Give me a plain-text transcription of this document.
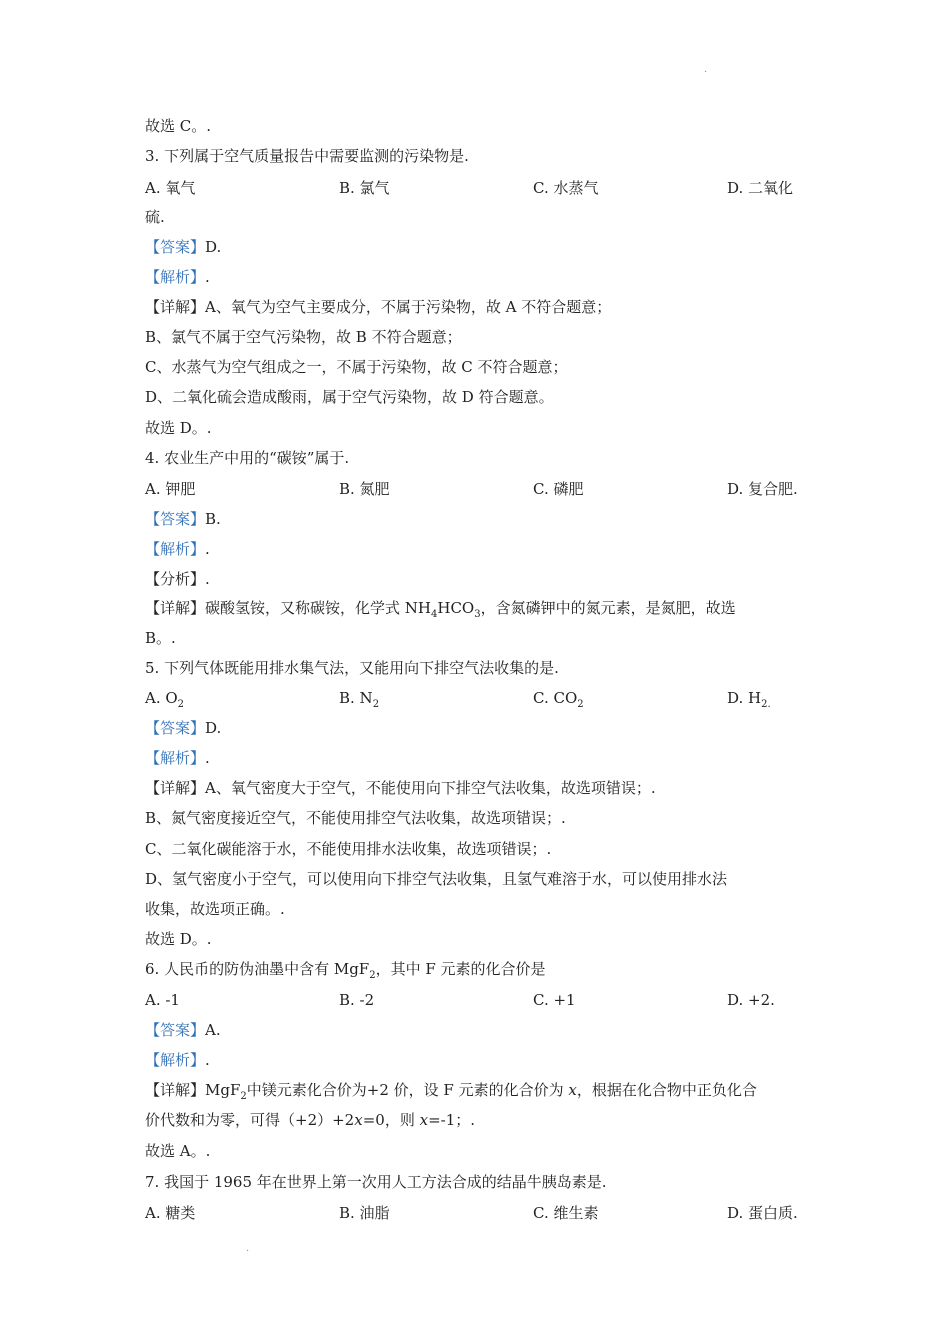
.
故选 C。.
3. 下列属于空气质量报告中需要监测的污染物是.
A. 氧气	B. 氯气	C. 水蒸气	D. 二氧化
硫.
【答案】D.
【解析】.
【详解】A、氧气为空气主要成分，不属于污染物，故 A 不符合题意；
B、氯气不属于空气污染物，故 B 不符合题意；
C、水蒸气为空气组成之一，不属于污染物，故 C 不符合题意；
D、二氧化硫会造成酸雨，属于空气污染物，故 D 符合题意。
故选 D。.
4. 农业生产中用的“碳铵”属于.
A. 钾肥	B. 氮肥	C. 磷肥	D. 复合肥.
【答案】B.
【解析】.
【分析】.
【详解】碳酸氢铵，又称碳铵，化学式 $NH_4HCO_3$，含氮磷钾中的氮元素，是氮肥，故选
B。.
5. 下列气体既能用排水集气法，又能用向下排空气法收集的是.
A. $O_2$	B. $N_2$	C. $CO_2$	D. $H_{2.}$
【答案】D.
【解析】.
【详解】A、氧气密度大于空气，不能使用向下排空气法收集，故选项错误；.
B、氮气密度接近空气，不能使用排空气法收集，故选项错误；.
C、二氧化碳能溶于水，不能使用排水法收集，故选项错误；.
D、氢气密度小于空气，可以使用向下排空气法收集，且氢气难溶于水，可以使用排水法
收集，故选项正确。.
故选 D。.
6. 人民币的防伪油墨中含有 MgF$_2$，其中 F 元素的化合价是
A. -1	B. -2	C. +1	D. +2.
【答案】A.
【解析】.
【详解】MgF$_2$中镁元素化合价为+2 价，设 F 元素的化合价为 x，根据在化合物中正负化合
价代数和为零，可得（+2）+2x=0，则 x=-1；.
故选 A。.
7. 我国于 1965 年在世界上第一次用人工方法合成的结晶牛胰岛素是.
A. 糖类	B. 油脂	C. 维生素	D. 蛋白质.
.
